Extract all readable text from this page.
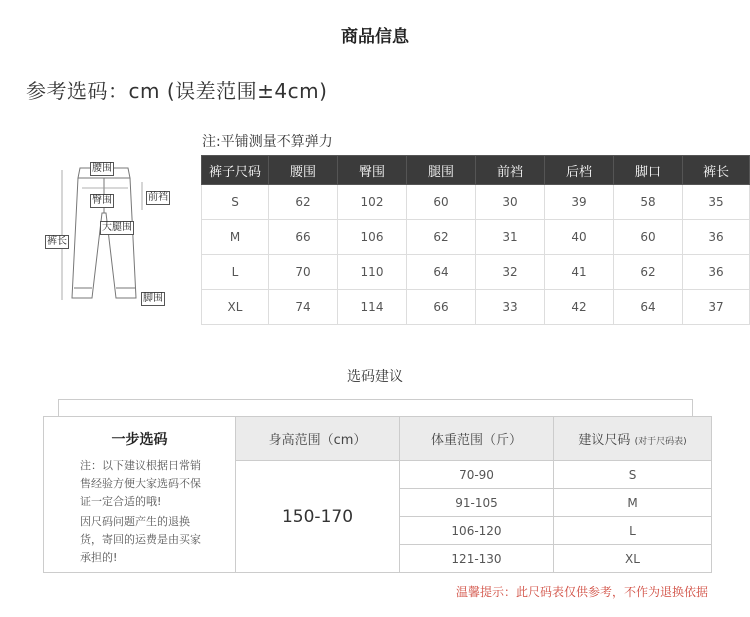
商品信息
参考选码：cm (误差范围±4cm)
注:平铺测量不算弹力
腰围
臀围	前裆
大腿围
裤长
脚围
裤子尺码	腰围	臀围	腿围	前裆	后档	脚口	裤长
S	62	102	60	30	39	58	35
M	66	106	62	31	40	60	36
L	70	110	64	32	41	62	36
XL	74	114	66	33	42	64	37
选码建议
一步选码
注：以下建议根据日常销售经验方便大家选码不保证一定合适的哦!
因尺码问题产生的退换货，寄回的运费是由买家承担的!	身高范围（cm）	体重范围（斤）	建议尺码 (对于尺码表)
	150-170	70-90	S
		91-105	M
		106-120	L
		121-130	XL
温馨提示：此尺码表仅供参考，不作为退换依据
